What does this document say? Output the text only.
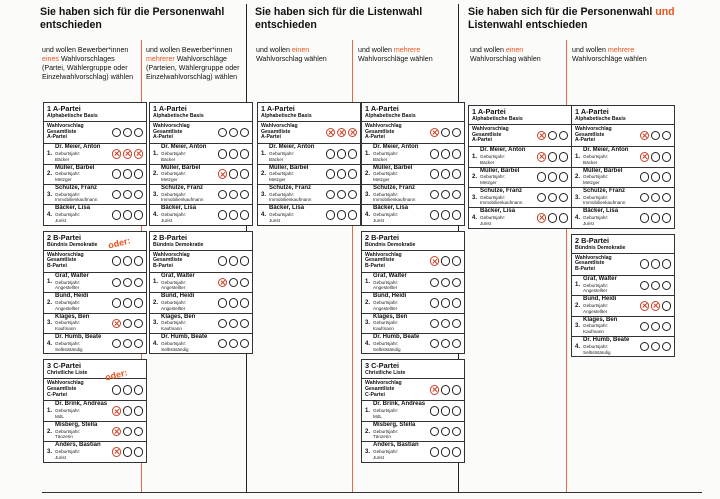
Sie haben sich für die Personenwahl entschieden
Sie haben sich für die Listenwahl entschieden
Sie haben sich für die Personenwahl und Listenwahl entschieden
und wollen Bewerber*innen eines Wahlvorschlages (Partei, Wählergruppe oder Einzelwahlvorschlag) wählen
und wollen Bewerber*innen mehrerer Wahlvorschläge (Parteien, Wählergruppe oder Einzelwahlvorschlag) wählen
und wollen einen Wahlvorschlag wählen
und wollen mehrere Wahlvorschläge wählen
und wollen einen Wahlvorschlag wählen
und wollen mehrere Wahlvorschläge wählen
1 A-Partei
Alphabetische Basis
Wahlvorschlag
Gesamtliste
A-Partei
1.
Dr. Meier, Anton
Geburtsjahr:
Bäcker
2.
Müller, Bärbel
Geburtsjahr:
Metzger
3.
Schulze, Franz
Geburtsjahr:
Immobilienkaufmann
4.
Bäcker, Lisa
Geburtsjahr:
Jurist
2 B-Partei
Bündnis Demokratie
Wahlvorschlag
Gesamtliste
B-Partei
1.
Graf, Walter
Geburtsjahr:
Angestellter
2.
Bund, Heidi
Geburtsjahr:
Angestellter
3.
Klages, Ben
Geburtsjahr:
Kaufmann
4.
Dr. Humb, Beate
Geburtsjahr:
Selbstständig
3 C-Partei
Christliche Liste
Wahlvorschlag
Gesamtliste
C-Partei
1.
Dr. Brink, Andreas
Geburtsjahr:
MdL
2.
Misberg, Stella
Geburtsjahr:
Tänzerin
3.
Anders, Bastian
Geburtsjahr:
Jurist
1 A-Partei
Alphabetische Basis
Wahlvorschlag
Gesamtliste
A-Partei
1.
Dr. Meier, Anton
Geburtsjahr:
Bäcker
2.
Müller, Bärbel
Geburtsjahr:
Metzger
3.
Schulze, Franz
Geburtsjahr:
Immobilienkaufmann
4.
Bäcker, Lisa
Geburtsjahr:
Jurist
2 B-Partei
Bündnis Demokratie
Wahlvorschlag
Gesamtliste
B-Partei
1.
Graf, Walter
Geburtsjahr:
Angestellter
2.
Bund, Heidi
Geburtsjahr:
Angestellter
3.
Klages, Ben
Geburtsjahr:
Kaufmann
4.
Dr. Humb, Beate
Geburtsjahr:
Selbstständig
1 A-Partei
Alphabetische Basis
Wahlvorschlag
Gesamtliste
A-Partei
1.
Dr. Meier, Anton
Geburtsjahr:
Bäcker
2.
Müller, Bärbel
Geburtsjahr:
Metzger
3.
Schulze, Franz
Geburtsjahr:
Immobilienkaufmann
4.
Bäcker, Lisa
Geburtsjahr:
Jurist
1 A-Partei
Alphabetische Basis
Wahlvorschlag
Gesamtliste
A-Partei
1.
Dr. Meier, Anton
Geburtsjahr:
Bäcker
2.
Müller, Bärbel
Geburtsjahr:
Metzger
3.
Schulze, Franz
Geburtsjahr:
Immobilienkaufmann
4.
Bäcker, Lisa
Geburtsjahr:
Jurist
2 B-Partei
Bündnis Demokratie
Wahlvorschlag
Gesamtliste
B-Partei
1.
Graf, Walter
Geburtsjahr:
Angestellter
2.
Bund, Heidi
Geburtsjahr:
Angestellter
3.
Klages, Ben
Geburtsjahr:
Kaufmann
4.
Dr. Humb, Beate
Geburtsjahr:
Selbstständig
3 C-Partei
Christliche Liste
Wahlvorschlag
Gesamtliste
C-Partei
1.
Dr. Brink, Andreas
Geburtsjahr:
MdL
2.
Misberg, Stella
Geburtsjahr:
Tänzerin
3.
Anders, Bastian
Geburtsjahr:
Jurist
1 A-Partei
Alphabetische Basis
Wahlvorschlag
Gesamtliste
A-Partei
1.
Dr. Meier, Anton
Geburtsjahr:
Bäcker
2.
Müller, Bärbel
Geburtsjahr:
Metzger
3.
Schulze, Franz
Geburtsjahr:
Immobilienkaufmann
4.
Bäcker, Lisa
Geburtsjahr:
Jurist
1 A-Partei
Alphabetische Basis
Wahlvorschlag
Gesamtliste
A-Partei
1.
Dr. Meier, Anton
Geburtsjahr:
Bäcker
2.
Müller, Bärbel
Geburtsjahr:
Metzger
3.
Schulze, Franz
Geburtsjahr:
Immobilienkaufmann
4.
Bäcker, Lisa
Geburtsjahr:
Jurist
2 B-Partei
Bündnis Demokratie
Wahlvorschlag
Gesamtliste
B-Partei
1.
Graf, Walter
Geburtsjahr:
Angestellter
2.
Bund, Heidi
Geburtsjahr:
Angestellter
3.
Klages, Ben
Geburtsjahr:
Kaufmann
4.
Dr. Humb, Beate
Geburtsjahr:
Selbstständig
oder:
oder:
